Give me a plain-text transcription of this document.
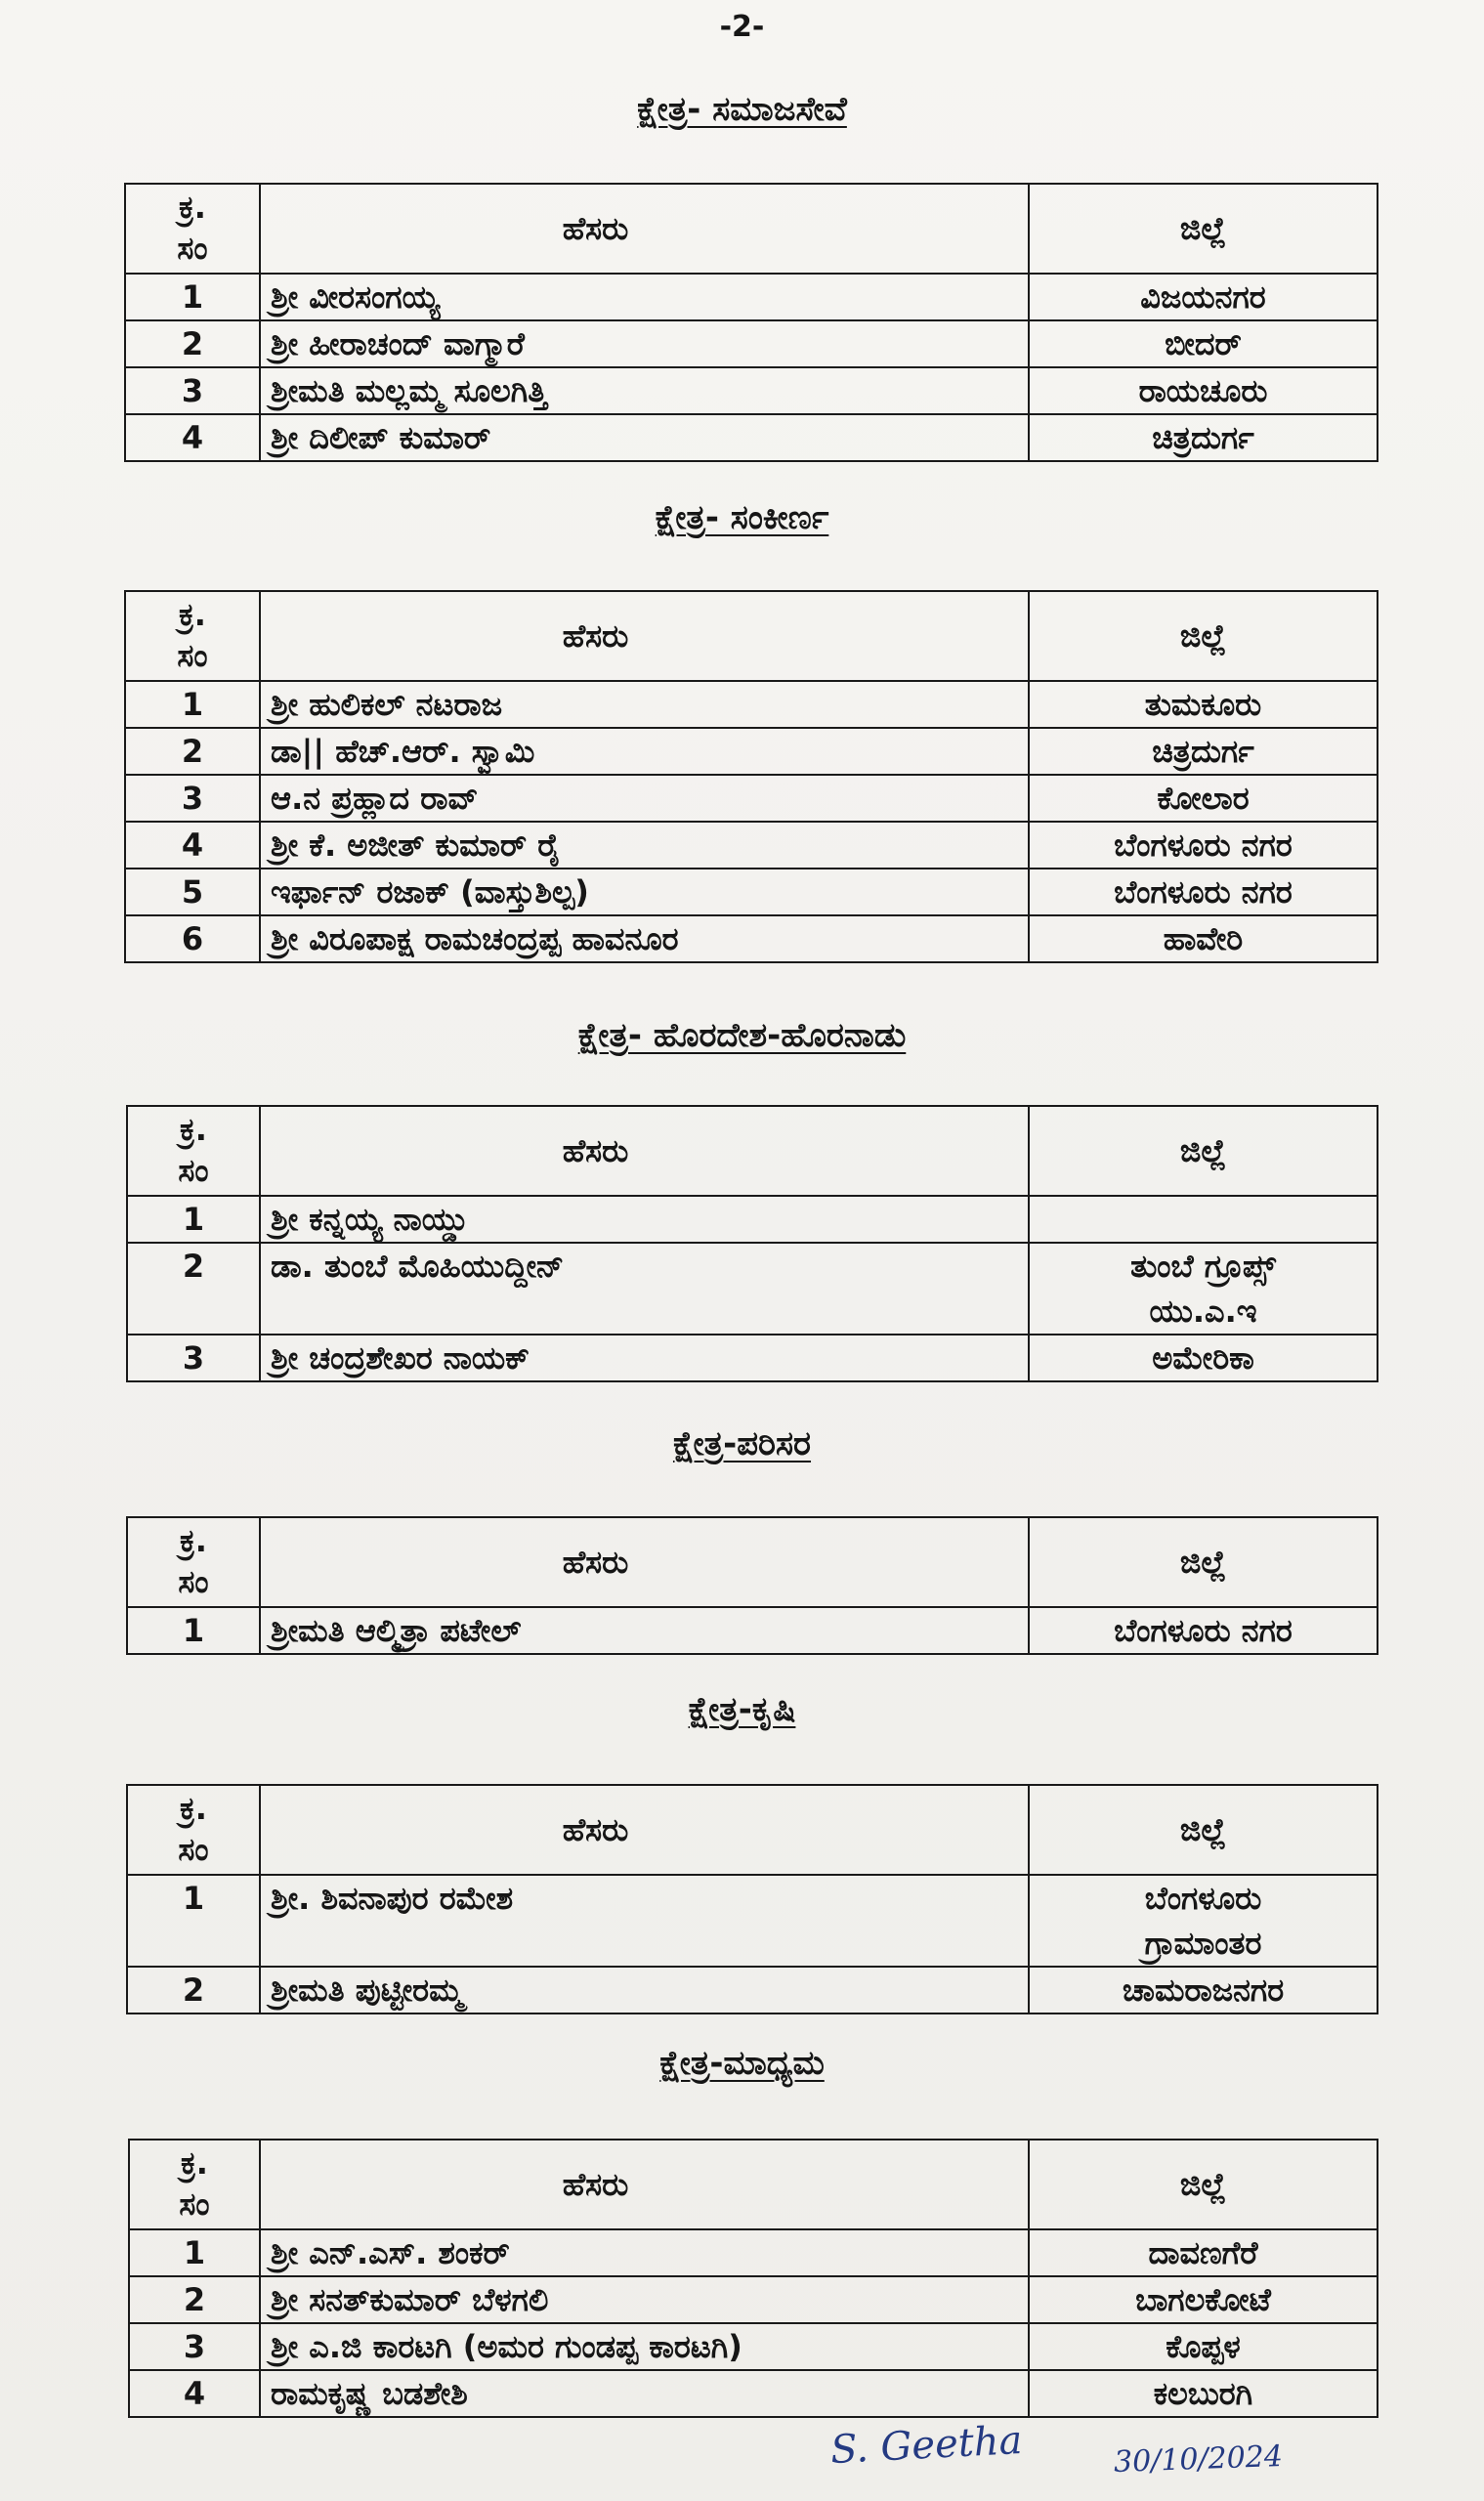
-2-
ಕ್ಷೇತ್ರ- ಸಮಾಜಸೇವೆ
ಕ್ರ.
ಸಂ	ಹೆಸರು	ಜಿಲ್ಲೆ
1	ಶ್ರೀ ವೀರಸಂಗಯ್ಯ	ವಿಜಯನಗರ
2	ಶ್ರೀ ಹೀರಾಚಂದ್ ವಾಗ್ಮಾರೆ	ಬೀದರ್
3	ಶ್ರೀಮತಿ ಮಲ್ಲಮ್ಮ ಸೂಲಗಿತ್ತಿ	ರಾಯಚೂರು
4	ಶ್ರೀ ದಿಲೀಪ್ ಕುಮಾರ್	ಚಿತ್ರದುರ್ಗ
ಕ್ಷೇತ್ರ- ಸಂಕೀರ್ಣ
ಕ್ರ.
ಸಂ	ಹೆಸರು	ಜಿಲ್ಲೆ
1	ಶ್ರೀ ಹುಲಿಕಲ್ ನಟರಾಜ	ತುಮಕೂರು
2	ಡಾ|| ಹೆಚ್.ಆರ್. ಸ್ವಾಮಿ	ಚಿತ್ರದುರ್ಗ
3	ಆ.ನ ಪ್ರಹ್ಲಾದ ರಾವ್	ಕೋಲಾರ
4	ಶ್ರೀ ಕೆ. ಅಜೀತ್ ಕುಮಾರ್ ರೈ	ಬೆಂಗಳೂರು ನಗರ
5	ಇರ್ಫಾನ್ ರಜಾಕ್ (ವಾಸ್ತುಶಿಲ್ಪ)	ಬೆಂಗಳೂರು ನಗರ
6	ಶ್ರೀ ವಿರೂಪಾಕ್ಷ ರಾಮಚಂದ್ರಪ್ಪ ಹಾವನೂರ	ಹಾವೇರಿ
ಕ್ಷೇತ್ರ- ಹೊರದೇಶ-ಹೊರನಾಡು
ಕ್ರ.
ಸಂ	ಹೆಸರು	ಜಿಲ್ಲೆ
1	ಶ್ರೀ ಕನ್ನಯ್ಯ ನಾಯ್ಡು	
2	ಡಾ. ತುಂಬೆ ಮೊಹಿಯುದ್ದೀನ್	ತುಂಬೆ ಗ್ರೂಪ್ಸ್
ಯು.ಎ.ಇ
3	ಶ್ರೀ ಚಂದ್ರಶೇಖರ ನಾಯಕ್	ಅಮೇರಿಕಾ
ಕ್ಷೇತ್ರ-ಪರಿಸರ
ಕ್ರ.
ಸಂ	ಹೆಸರು	ಜಿಲ್ಲೆ
1	ಶ್ರೀಮತಿ ಆಲ್ಮಿತ್ರಾ ಪಟೇಲ್	ಬೆಂಗಳೂರು ನಗರ
ಕ್ಷೇತ್ರ-ಕೃಷಿ
ಕ್ರ.
ಸಂ	ಹೆಸರು	ಜಿಲ್ಲೆ
1	ಶ್ರೀ. ಶಿವನಾಪುರ ರಮೇಶ	ಬೆಂಗಳೂರು
ಗ್ರಾಮಾಂತರ
2	ಶ್ರೀಮತಿ ಪುಟ್ಟೀರಮ್ಮ	ಚಾಮರಾಜನಗರ
ಕ್ಷೇತ್ರ-ಮಾಧ್ಯಮ
ಕ್ರ.
ಸಂ	ಹೆಸರು	ಜಿಲ್ಲೆ
1	ಶ್ರೀ ಎನ್.ಎಸ್. ಶಂಕರ್	ದಾವಣಗೆರೆ
2	ಶ್ರೀ ಸನತ್‌ಕುಮಾರ್ ಬೆಳಗಲಿ	ಬಾಗಲಕೋಟೆ
3	ಶ್ರೀ ಎ.ಜಿ ಕಾರಟಗಿ (ಅಮರ ಗುಂಡಪ್ಪ ಕಾರಟಗಿ)	ಕೊಪ್ಪಳ
4	ರಾಮಕೃಷ್ಣ ಬಡಶೇಶಿ	ಕಲಬುರಗಿ
S. Geetha	30/10/2024
